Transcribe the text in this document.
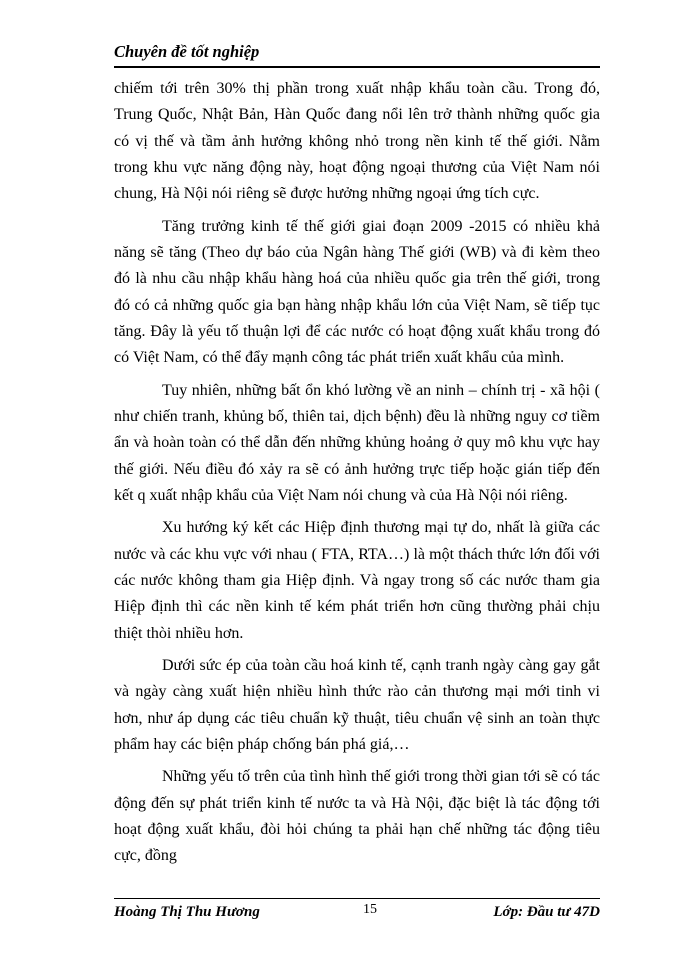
Chuyên đề tốt nghiệp

chiếm tới trên 30% thị phần trong xuất nhập khẩu toàn cầu. Trong đó, Trung Quốc, Nhật Bản, Hàn Quốc đang nổi lên trở thành những quốc gia có vị thế và tầm ảnh hưởng không nhỏ trong nền kinh tế thế giới. Nằm trong khu vực năng động này, hoạt động ngoại thương của Việt Nam nói chung, Hà Nội nói riêng sẽ được hưởng những ngoại ứng tích cực.

Tăng trưởng kinh tế thế giới giai đoạn 2009 -2015 có nhiều khả năng sẽ tăng (Theo dự báo của Ngân hàng Thế giới (WB) và đi kèm theo đó là nhu cầu nhập khẩu hàng hoá của nhiều quốc gia trên thế giới, trong đó có cả những quốc gia bạn hàng nhập khẩu lớn của Việt Nam, sẽ tiếp tục tăng. Đây là yếu tố thuận lợi để các nước có hoạt động xuất khẩu trong đó có Việt Nam, có thể đẩy mạnh công tác phát triển xuất khẩu của mình.

Tuy nhiên, những bất ổn khó lường về an ninh – chính trị - xã hội ( như chiến tranh, khủng bố, thiên tai, dịch bệnh) đều là những nguy cơ tiềm ẩn và hoàn toàn có thể dẫn đến những khủng hoảng ở quy mô khu vực hay thế giới. Nếu điều đó xảy ra sẽ có ảnh hưởng trực tiếp hoặc gián tiếp đến kết q xuất nhập khẩu của Việt Nam nói chung và của Hà Nội nói riêng.

Xu hướng ký kết các Hiệp định thương mại tự do, nhất là giữa các nước và các khu vực với nhau ( FTA, RTA…) là một thách thức lớn đối với các nước không tham gia Hiệp định. Và ngay trong số các nước tham gia Hiệp định thì các nền kinh tế kém phát triển hơn cũng thường phải chịu thiệt thòi nhiều hơn.

Dưới sức ép của toàn cầu hoá kinh tế, cạnh tranh ngày càng gay gắt và ngày càng xuất hiện nhiều hình thức rào cản thương mại mới tinh vi hơn, như áp dụng các tiêu chuẩn kỹ thuật, tiêu chuẩn vệ sinh an toàn thực phẩm hay các biện pháp chống bán phá giá,…

Những yếu tố trên của tình hình thế giới trong thời gian tới sẽ có tác động đến sự phát triển kinh tế nước ta và Hà Nội, đặc biệt là tác động tới hoạt động xuất khẩu, đòi hỏi chúng ta phải hạn chế những tác động tiêu cực, đồng

Hoàng Thị Thu Hương	15	Lớp: Đầu tư 47D
